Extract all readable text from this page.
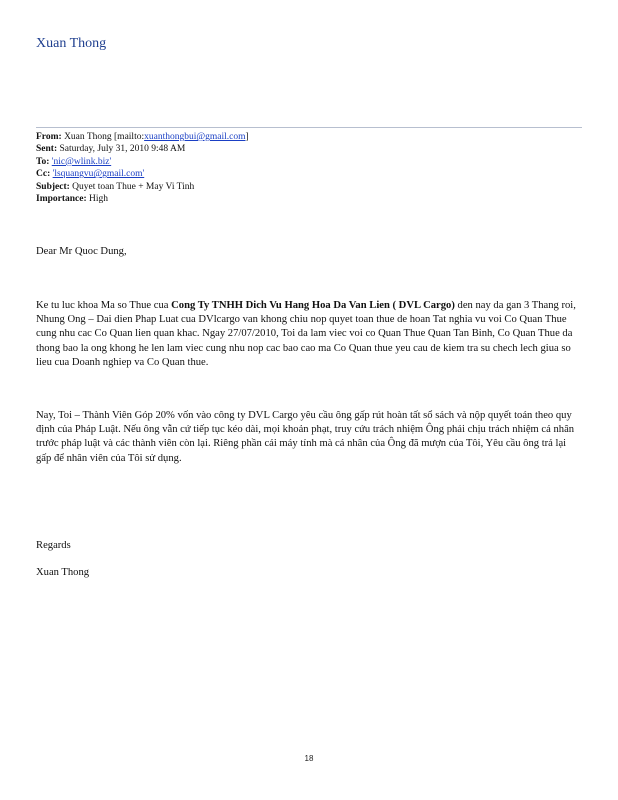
Xuan Thong
From: Xuan Thong [mailto:xuanthongbui@gmail.com]
Sent: Saturday, July 31, 2010 9:48 AM
To: 'nic@wlink.biz'
Cc: 'lsquangvu@gmail.com'
Subject: Quyet toan Thue + May Vi Tinh
Importance: High

Dear Mr Quoc Dung,

Ke tu luc khoa Ma so Thue cua Cong Ty TNHH Dich Vu Hang Hoa Da Van Lien ( DVL Cargo) den nay da gan 3 Thang roi, Nhung Ong – Dai dien Phap Luat cua DVlcargo van khong chiu nop quyet toan thue de hoan Tat nghia vu voi Co Quan Thue cung nhu cac Co Quan lien quan khac. Ngay 27/07/2010, Toi da lam viec voi co Quan Thue Quan Tan Binh, Co Quan Thue da thong bao la ong khong he len lam viec cung nhu nop cac bao cao ma Co Quan thue yeu cau de kiem tra su chech lech giua so lieu cua Doanh nghiep va Co Quan thue.

Nay, Toi – Thành Viên Góp 20% vốn vào công ty DVL Cargo yêu cầu ông gấp rút hoàn tất sổ sách và nộp quyết toán theo quy định của Pháp Luật. Nếu ông vẫn cứ tiếp tục kéo dài, mọi khoản phạt, truy cứu trách nhiệm Ông phải chịu trách nhiệm cá nhân trước pháp luật và các thành viên còn lại. Riêng phần cái máy tính mà cá nhân của Ông đã mượn của Tôi, Yêu cầu ông trả lại gấp để nhân viên của Tôi sử dụng.

Regards

Xuan Thong

18
